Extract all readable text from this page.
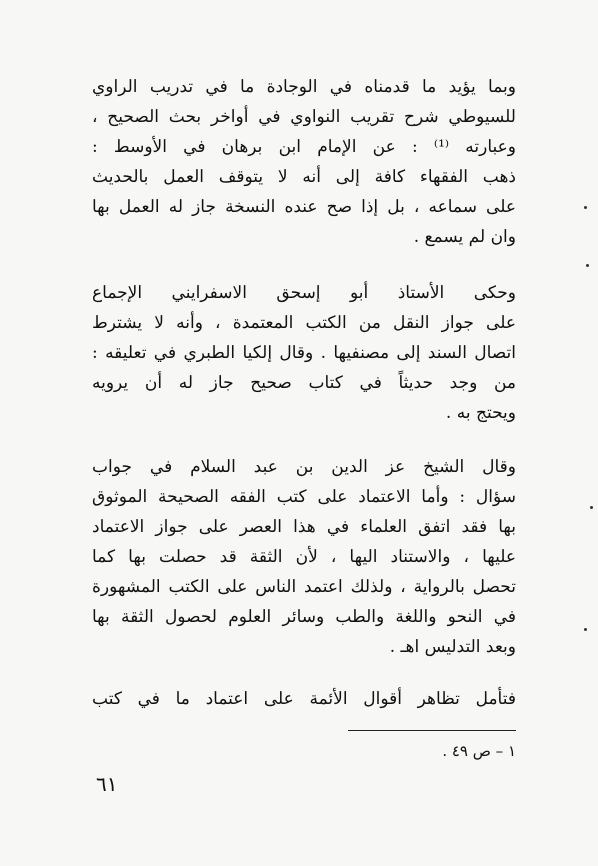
وبما يؤيد ما قدمناه في الوجادة ما في تدريب الراوي
للسيوطي شرح تقريب النواوي في أواخر بحث الصحيح ،
وعبارته ⁽¹⁾ : عن الإمام ابن برهان في الأوسط :
ذهب الفقهاء كافة إلى أنه لا يتوقف العمل بالحديث
على سماعه ، بل إذا صح عنده النسخة جاز له العمل بها
وان لم يسمع .
وحكى الأستاذ أبو إسحق الاسفرايني الإجماع
على جواز النقل من الكتب المعتمدة ، وأنه لا يشترط
اتصال السند إلى مصنفيها . وقال إلكيا الطبري في تعليقه :
من وجد حديثاً في كتاب صحيح جاز له أن يرويه
ويحتج به .
وقال الشيخ عز الدين بن عبد السلام في جواب
سؤال : وأما الاعتماد على كتب الفقه الصحيحة الموثوق
بها فقد اتفق العلماء في هذا العصر على جواز الاعتماد
عليها ، والاستناد اليها ، لأن الثقة قد حصلت بها كما
تحصل بالرواية ، ولذلك اعتمد الناس على الكتب المشهورة
في النحو واللغة والطب وسائر العلوم لحصول الثقة بها
وبعد التدليس اهـ .
فتأمل تظاهر أقوال الأئمة على اعتماد ما في كتب
١ – ص ٤٩ .
٦١
